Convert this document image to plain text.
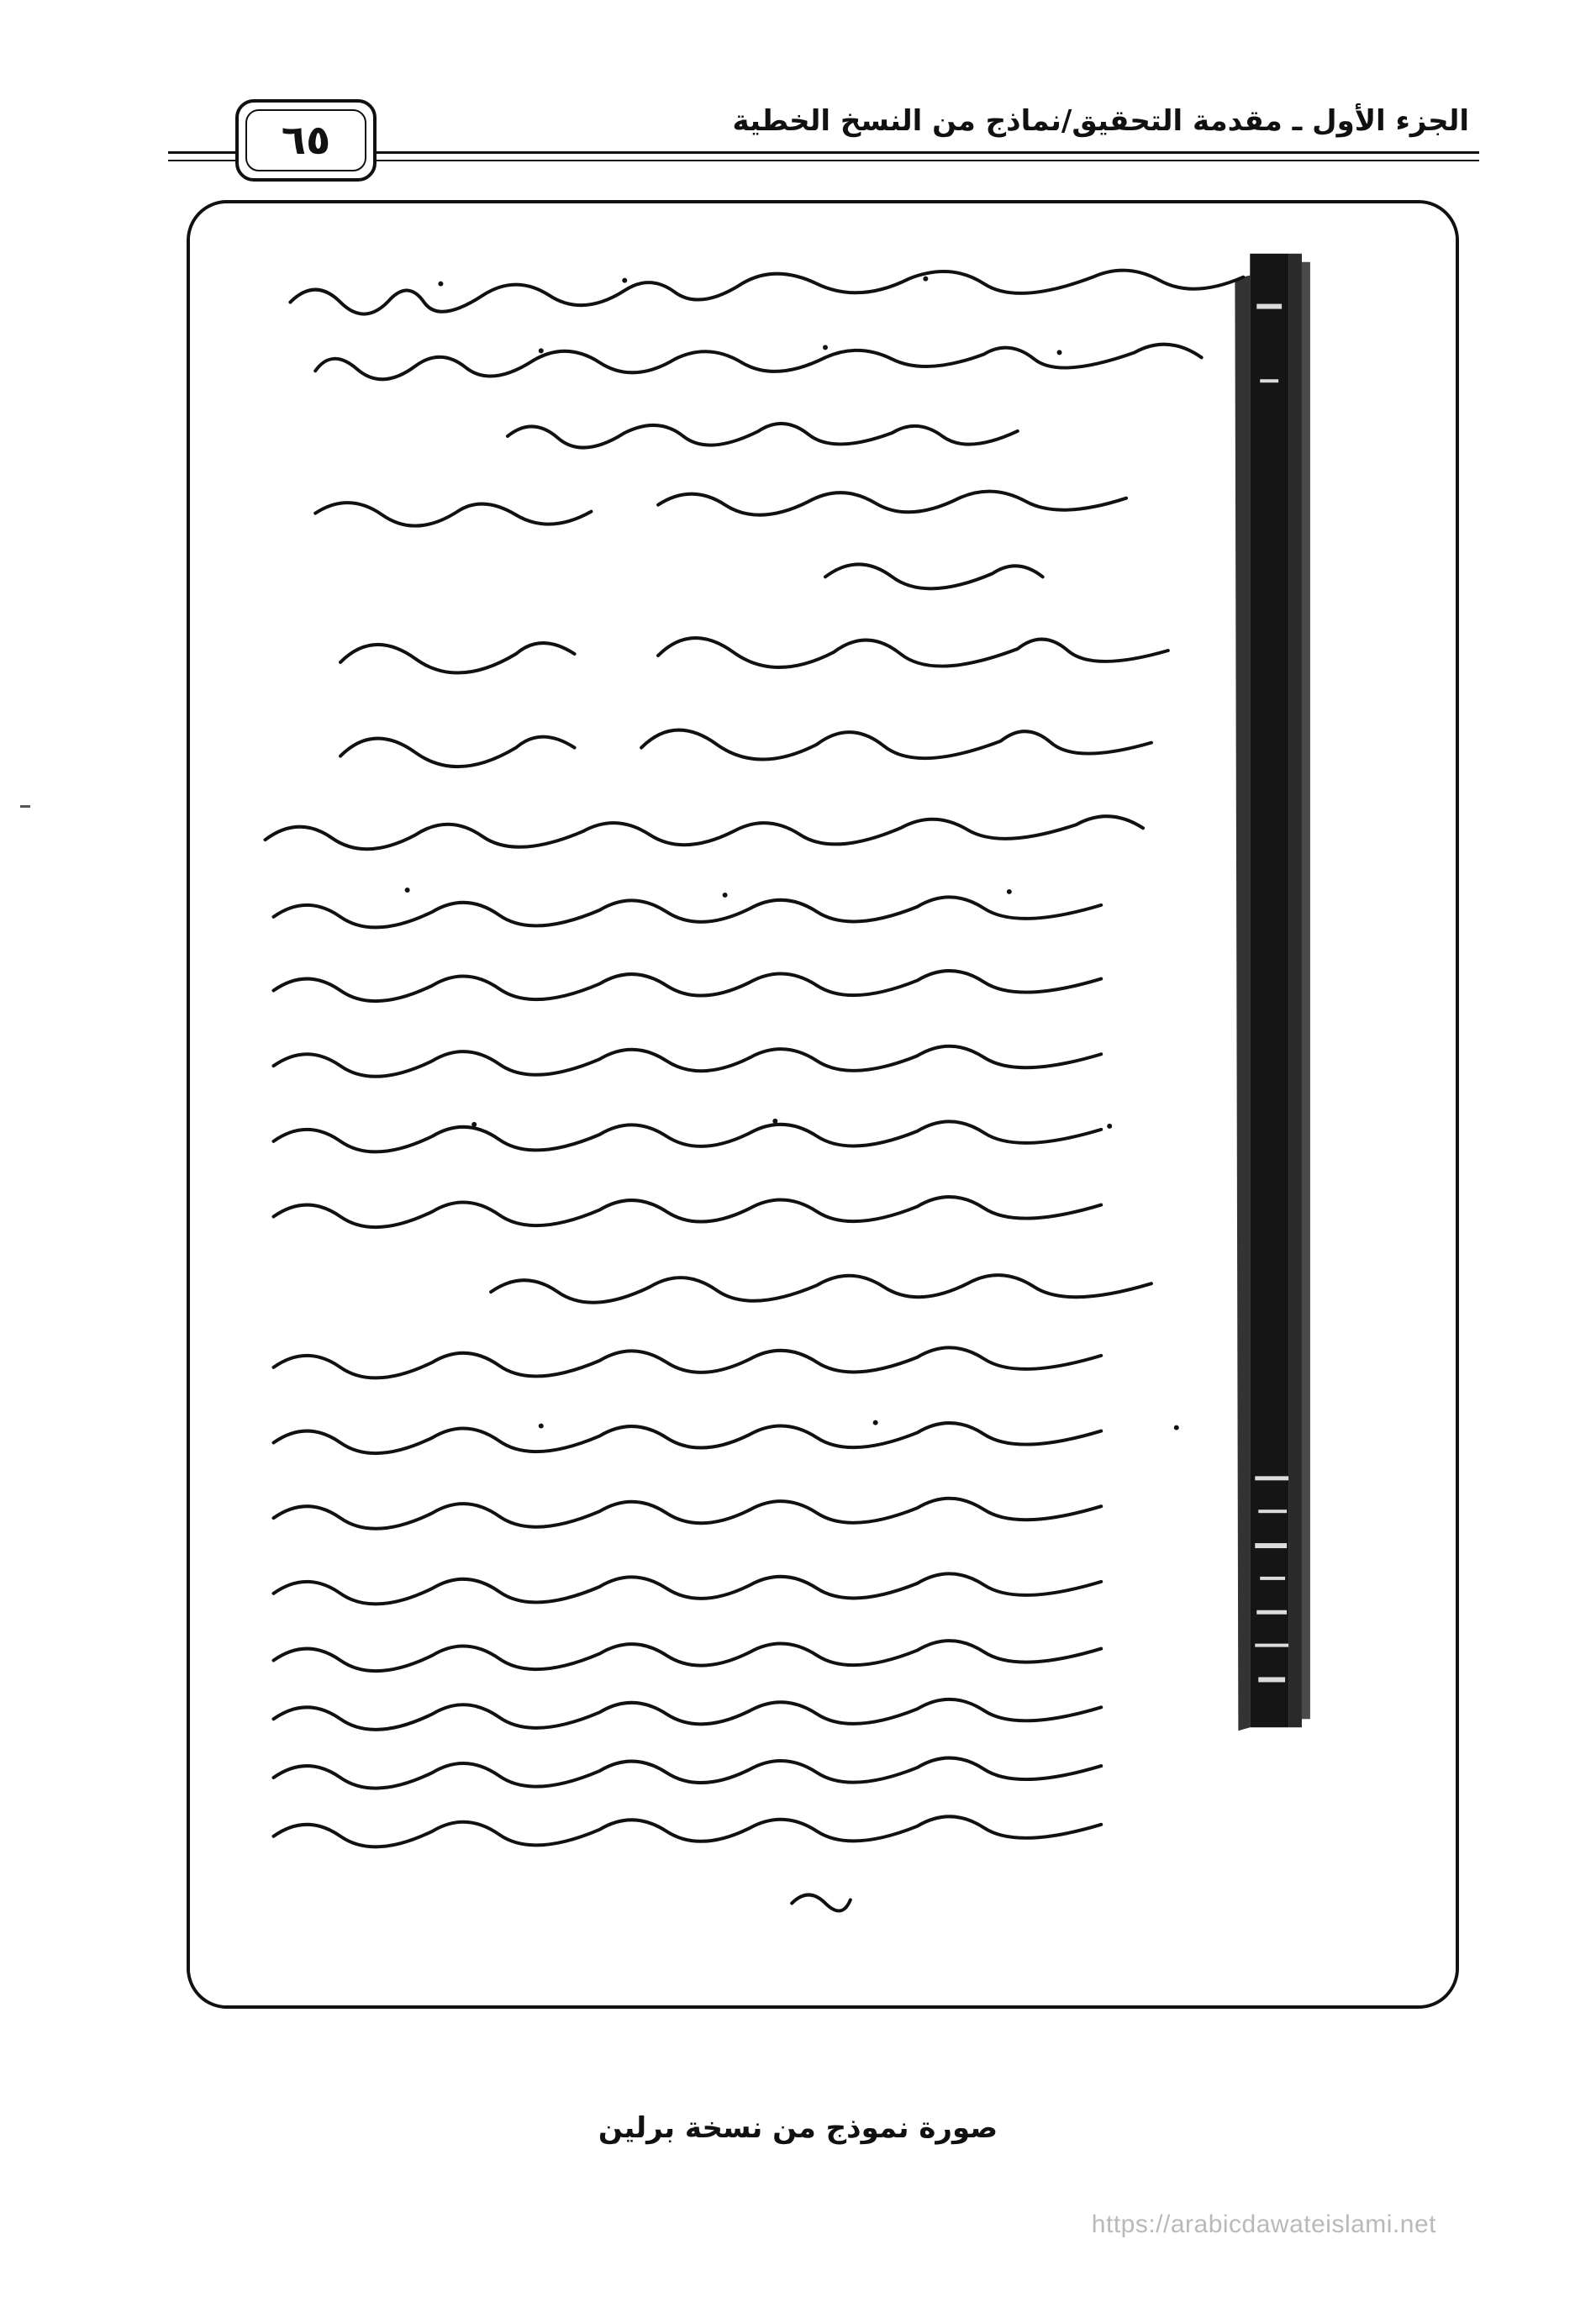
الجزء الأول ـ مقدمة التحقيق/نماذج من النسخ الخطية
٦٥
صورة نموذج من نسخة برلين
https://arabicdawateislami.net
